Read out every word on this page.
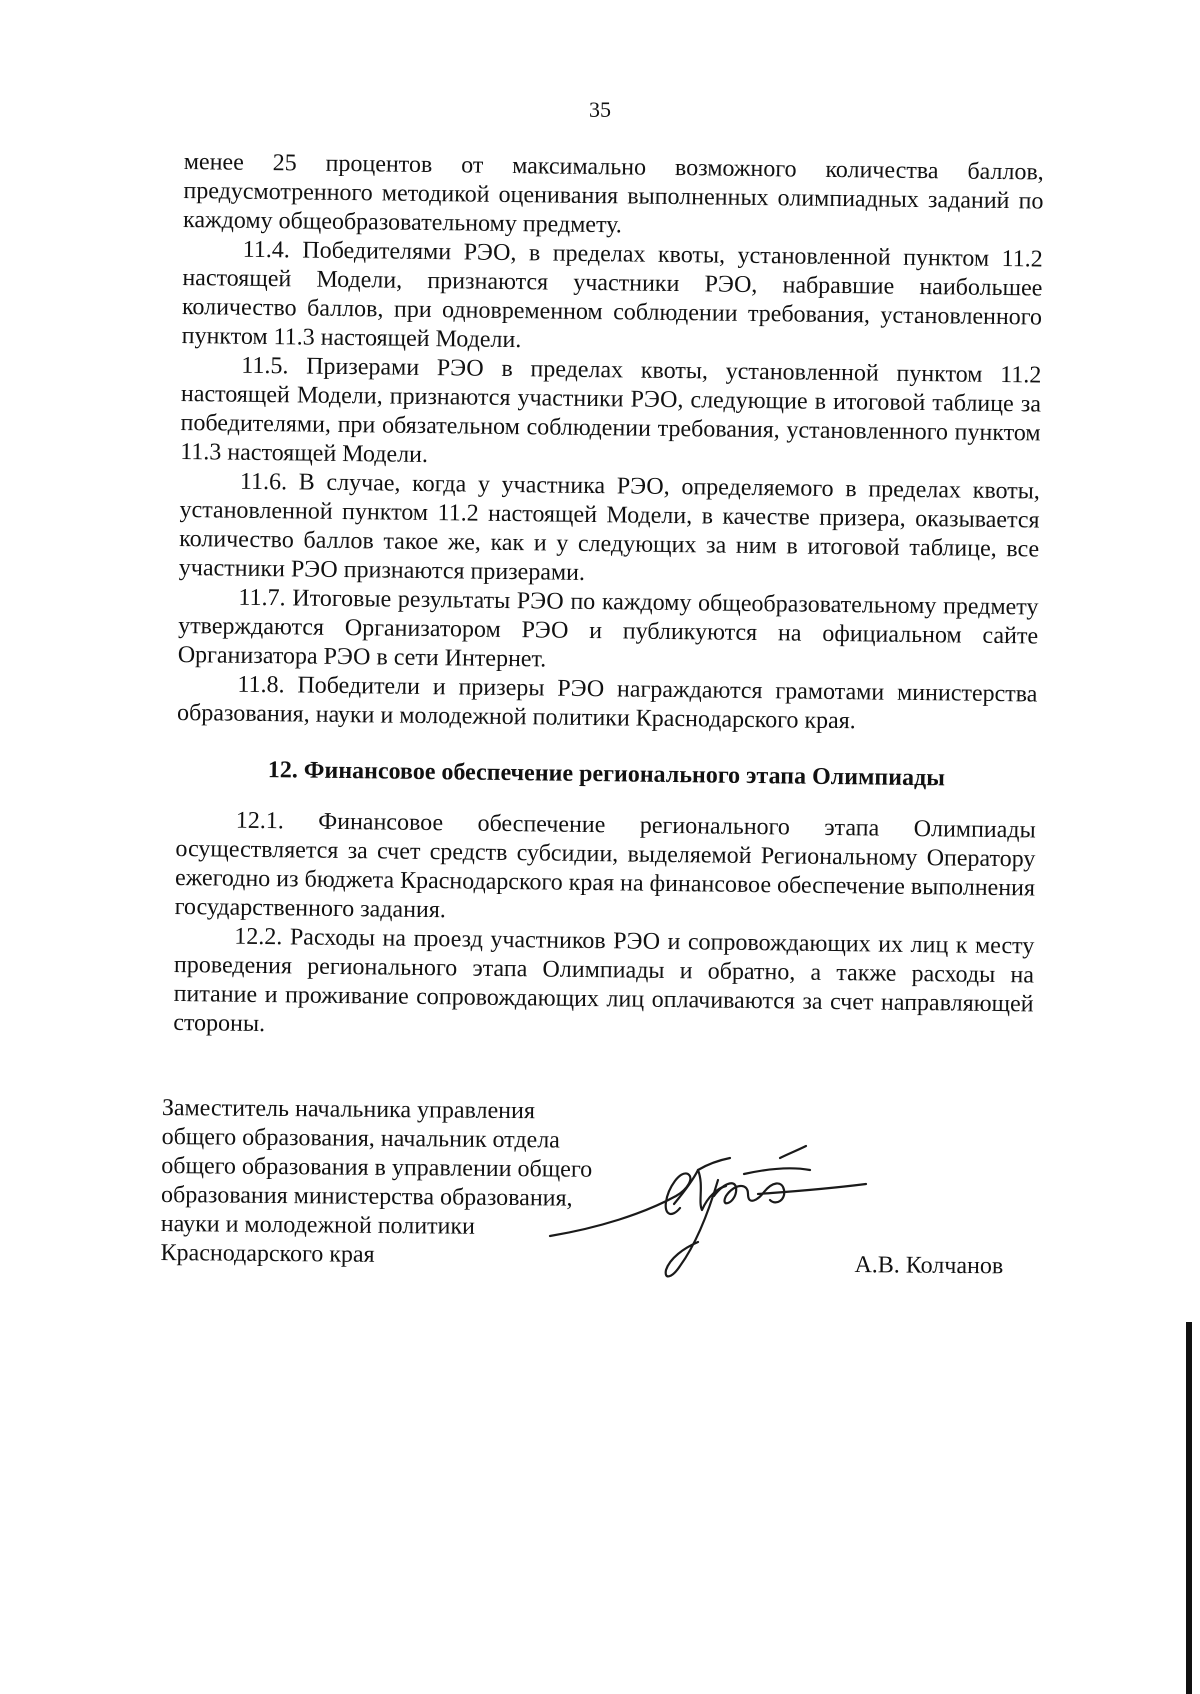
35

менее 25 процентов от максимально возможного количества баллов, предусмотренного методикой оценивания выполненных олимпиадных заданий по каждому общеобразовательному предмету.

11.4. Победителями РЭО, в пределах квоты, установленной пунктом 11.2 настоящей Модели, признаются участники РЭО, набравшие наибольшее количество баллов, при одновременном соблюдении требования, установленного пунктом 11.3 настоящей Модели.

11.5. Призерами РЭО в пределах квоты, установленной пунктом 11.2 настоящей Модели, признаются участники РЭО, следующие в итоговой таблице за победителями, при обязательном соблюдении требования, установленного пунктом 11.3 настоящей Модели.

11.6. В случае, когда у участника РЭО, определяемого в пределах квоты, установленной пунктом 11.2 настоящей Модели, в качестве призера, оказывается количество баллов такое же, как и у следующих за ним в итоговой таблице, все участники РЭО признаются призерами.

11.7. Итоговые результаты РЭО по каждому общеобразовательному предмету утверждаются Организатором РЭО и публикуются на официальном сайте Организатора РЭО в сети Интернет.

11.8. Победители и призеры РЭО награждаются грамотами министерства образования, науки и молодежной политики Краснодарского края.

12. Финансовое обеспечение регионального этапа Олимпиады

12.1. Финансовое обеспечение регионального этапа Олимпиады осуществляется за счет средств субсидии, выделяемой Региональному Оператору ежегодно из бюджета Краснодарского края на финансовое обеспечение выполнения государственного задания.

12.2. Расходы на проезд участников РЭО и сопровождающих их лиц к месту проведения регионального этапа Олимпиады и обратно, а также расходы на питание и проживание сопровождающих лиц оплачиваются за счет направляющей стороны.

Заместитель начальника управления
общего образования, начальник отдела
общего образования в управлении общего
образования министерства образования,
науки и молодежной политики
Краснодарского края	А.В. Колчанов
